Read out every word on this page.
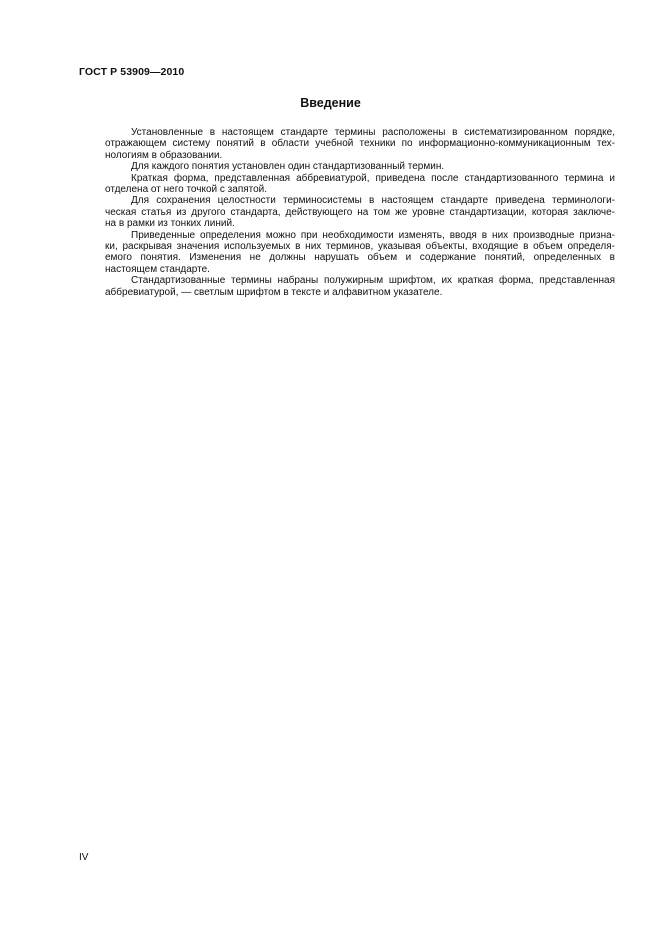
ГОСТ Р 53909—2010
Введение
Установленные в настоящем стандарте термины расположены в систематизированном порядке,
отражающем систему понятий в области учебной техники по информационно-коммуникационным тех-
нологиям в образовании.
Для каждого понятия установлен один стандартизованный термин.
Краткая форма, представленная аббревиатурой, приведена после стандартизованного термина и
отделена от него точкой с запятой.
Для сохранения целостности терминосистемы в настоящем стандарте приведена терминологи-
ческая статья из другого стандарта, действующего на том же уровне стандартизации, которая заключе-
на в рамки из тонких линий.
Приведенные определения можно при необходимости изменять, вводя в них производные призна-
ки, раскрывая значения используемых в них терминов, указывая объекты, входящие в объем определя-
емого понятия. Изменения не должны нарушать объем и содержание понятий, определенных в
настоящем стандарте.
Стандартизованные термины набраны полужирным шрифтом, их краткая форма, представленная
аббревиатурой, — светлым шрифтом в тексте и алфавитном указателе.
IV
